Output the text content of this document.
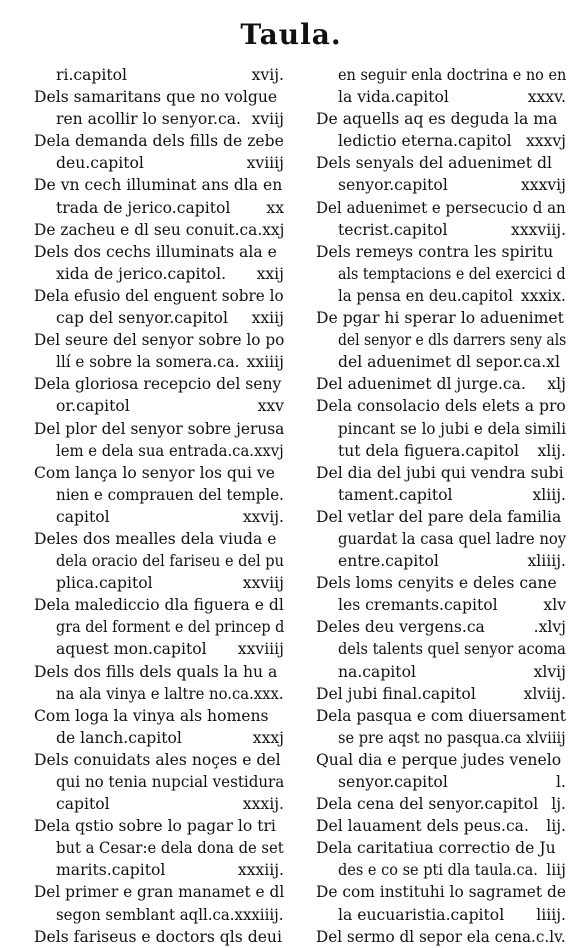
Taula.
ri.capitol	xvij.
Dels samaritans que no volgue
ren acollir lo senyor.ca. xviij
Dela demanda dels fills de zebe
deu.capitol	xviiij
De vn cech illuminat ans dla en
trada de jerico.capitol xx
De zacheu e dl seu conuit.ca.xxj
Dels dos cechs illuminats ala e
xida de jerico.capitol. xxij
Dela efusio del enguent sobre lo
cap del senyor.capitol xxiij
Del seure del senyor sobre lo po
llí e sobre la somera.ca. xxiiij
Dela gloriosa recepcio del seny
or.capitol	xxv
Del plor del senyor sobre jerusa
lem e dela sua entrada.ca.xxvj
Com lança lo senyor los qui ve
nien e comprauen del temple.
capitol	xxvij.
Deles dos mealles dela viuda e
dela oracio del fariseu e del pu
plica.capitol	xxviij
Dela malediccio dla figuera e dl
gra del forment e del princep d
aquest mon.capitol xxviiij
Dels dos fills dels quals la hu a
na ala vinya e laltre no.ca.xxx.
Com loga la vinya als homens
de lanch.capitol	xxxj
Dels conuidats ales noçes e del
qui no tenia nupcial vestidura
capitol	xxxij.
Dela qstio sobre lo pagar lo tri
but a Cesar:e dela dona de set
marits.capitol	xxxiij.
Del primer e gran manamet e dl
segon semblant aqll.ca.xxxiiij.
Dels fariseus e doctors qls deui
en seguir enla doctrina e no en
la vida.capitol	xxxv.
De aquells aq es deguda la ma
ledictio eterna.capitol xxxvj
Dels senyals del aduenimet dl
senyor.capitol	xxxvij
Del aduenimet e persecucio d an
tecrist.capitol	xxxviij.
Dels remeys contra les spiritu
als temptacions e del exercici d
la pensa en deu.capitol xxxix.
De pgar hi sperar lo aduenimet
del senyor e dls darrers seny als
del aduenimet dl sepor.ca.xl
Del aduenimet dl jurge.ca. xlj
Dela consolacio dels elets a pro
pincant se lo jubi e dela simili
tut dela figuera.capitol xlij.
Del dia del jubi qui vendra subi
tament.capitol	xliij.
Del vetlar del pare dela familia
guardat la casa quel ladre noy
entre.capitol	xliiij.
Dels loms cenyits e deles cane
les cremants.capitol	xlv
Deles deu vergens.ca	.xlvj
dels talents quel senyor acoma
na.capitol	xlvij
Del jubi final.capitol	xlviij.
Dela pasqua e com diuersament
se pre aqst no pasqua.ca xlviiij
Qual dia e perque judes venelo
senyor.capitol	l.
Dela cena del senyor.capitol lj.
Del lauament dels peus.ca. lij.
Dela caritatiua correctio de Ju
des e co se pti dla taula.ca. liij
De com instituhi lo sagramet de
la eucuaristia.capitol liiij.
Del sermo dl sepor ela cena.c.lv.
